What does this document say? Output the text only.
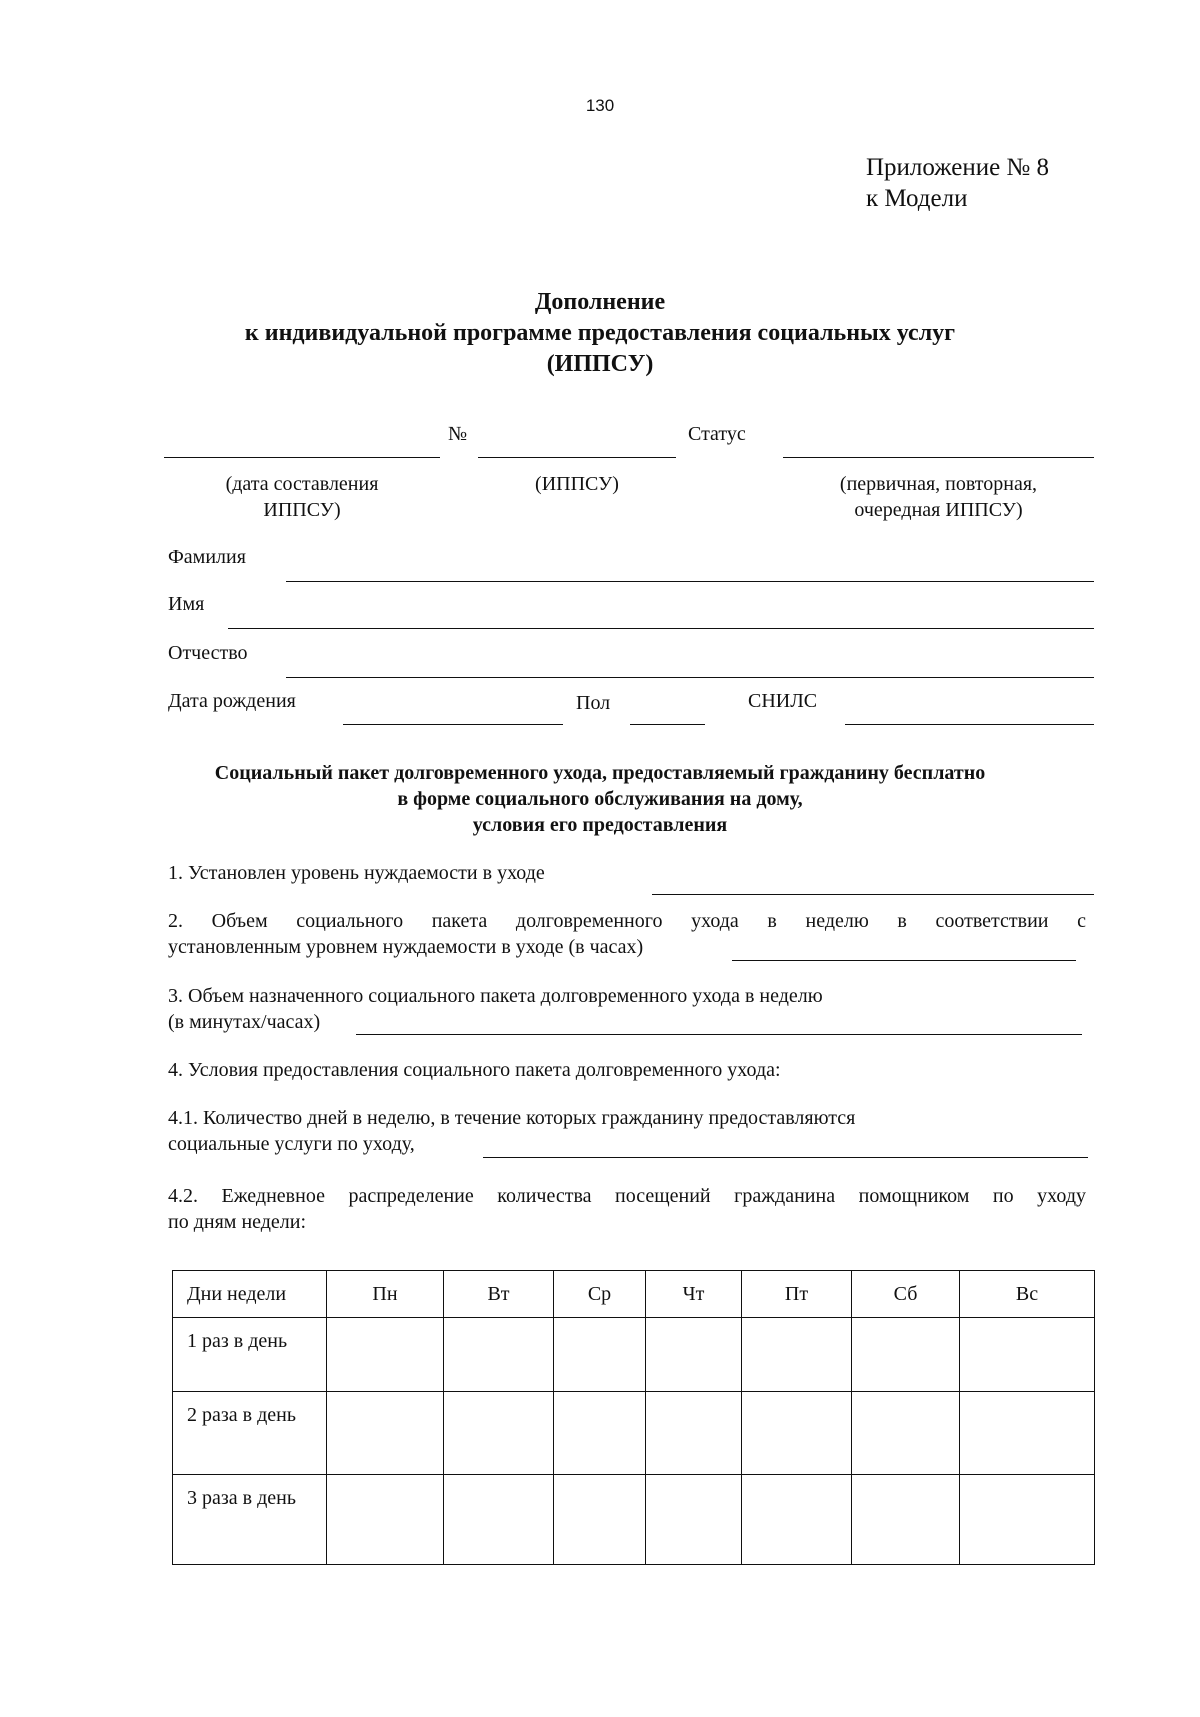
130
Приложение № 8
к Модели
Дополнение
к индивидуальной программе предоставления социальных услуг
(ИППСУ)
№	Статус
(дата составления
ИППСУ)
(ИППСУ)	(первичная, повторная,
очередная ИППСУ)
Фамилия
Имя
Отчество
Дата рождения	Пол	СНИЛС
Социальный пакет долговременного ухода, предоставляемый гражданину бесплатно
в форме социального обслуживания на дому,
условия его предоставления
1. Установлен уровень нуждаемости в уходе
2. Объем социального пакета долговременного ухода в неделю в соответствии с
установленным уровнем нуждаемости в уходе (в часах)
3. Объем назначенного социального пакета долговременного ухода в неделю
(в минутах/часах)
4. Условия предоставления социального пакета долговременного ухода:
4.1. Количество дней в неделю, в течение которых гражданину предоставляются
социальные услуги по уходу,
4.2. Ежедневное распределение количества посещений гражданина помощником по уходу
по дням недели:
Дни недели	Пн	Вт	Ср	Чт	Пт	Сб	Вс
1 раз в день							
2 раза в день							
3 раза в день							
